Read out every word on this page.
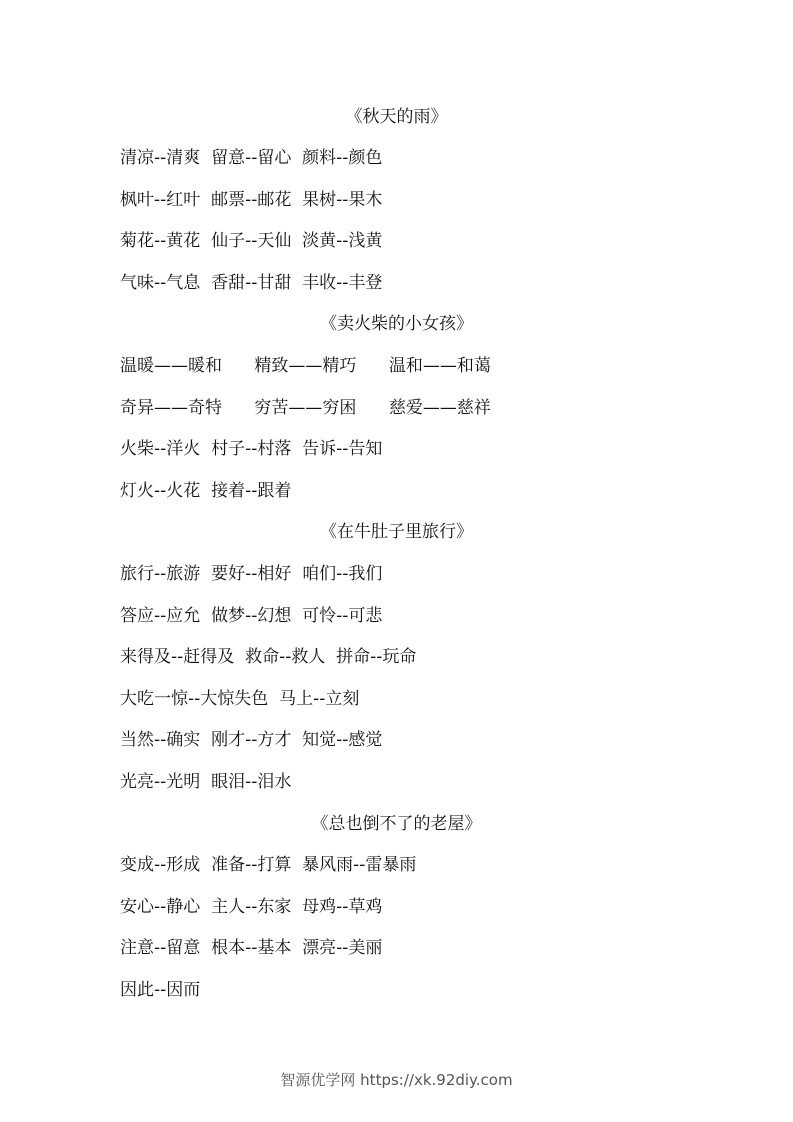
《秋天的雨》
清凉--清爽  留意--留心  颜料--颜色
枫叶--红叶  邮票--邮花  果树--果木
菊花--黄花  仙子--天仙  淡黄--浅黄
气味--气息  香甜--甘甜  丰收--丰登
《卖火柴的小女孩》
温暖——暖和      精致——精巧      温和——和蔼
奇异——奇特      穷苦——穷困      慈爱——慈祥
火柴--洋火  村子--村落  告诉--告知
灯火--火花  接着--跟着
《在牛肚子里旅行》
旅行--旅游  要好--相好  咱们--我们
答应--应允  做梦--幻想  可怜--可悲
来得及--赶得及  救命--救人  拼命--玩命
大吃一惊--大惊失色  马上--立刻
当然--确实  刚才--方才  知觉--感觉
光亮--光明  眼泪--泪水
《总也倒不了的老屋》
变成--形成  准备--打算  暴风雨--雷暴雨
安心--静心  主人--东家  母鸡--草鸡
注意--留意  根本--基本  漂亮--美丽
因此--因而
智源优学网 https://xk.92diy.com
